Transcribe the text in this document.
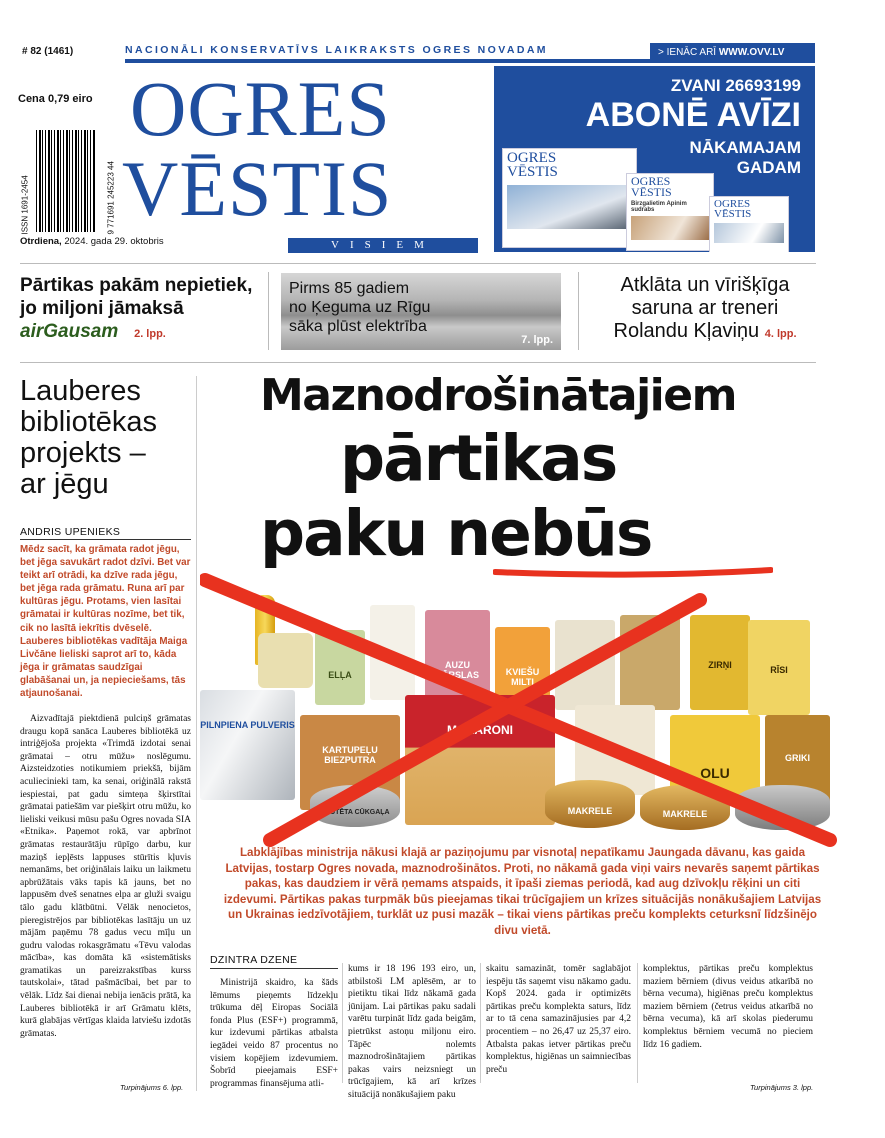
# 82 (1461)	NACIONĀLI KONSERVATĪVS LAIKRAKSTS OGRES NOVADAM	> IENĀC ARĪ WWW.OVV.LV
Cena 0,79 eiro
ISSN 1691-2454	9 771691 245223 44
OGRES
VĒSTIS
VISIEM
Otrdiena, 2024. gada 29. oktobris
ZVANI 26693199
ABONĒ AVĪZI
NĀKAMAJAM
GADAM
OGRES
VĒSTIS
OGRES
VĒSTIS
Birzgalietim Apinim sudrabs	OGRES
VĒSTIS
Pārtikas pakām nepietiek, jo miljoni jāmaksā airGausam 2. lpp.
Pirms 85 gadiem
no Ķeguma uz Rīgu
sāka plūst elektrība
7. lpp.
Atklāta un vīrišķīga
saruna ar treneri
Rolandu Kļaviņu 4. lpp.
Lauberes
bibliotēkas
projekts –
ar jēgu
ANDRIS UPENIEKS
Mēdz sacīt, ka grāmata radot jēgu, bet jēga savukārt radot dzīvi. Bet var teikt arī otrādi, ka dzīve rada jēgu, bet jēga rada grāmatu. Runa arī par kultūras jēgu. Protams, vien lasītai grāmatai ir kultūras nozīme, bet tik, cik no lasītā iekrītis dvēselē. Lauberes bibliotēkas vadītāja Maiga Livčāne lieliski saprot arī to, kāda jēga ir grāmatas saudzīgai glabāšanai un, ja nepieciešams, tās atjaunošanai.
Aizvadītajā piektdienā pulciņš grāmatas draugu kopā sanāca Lauberes bibliotēkā uz intriģējoša projekta «Trimdā izdotai senai grāmatai – otru mūžu» noslēgumu. Aizsteidzoties notikumiem priekšā, bijām aculieciniekі tam, ka senai, oriģinālā rakstā iespiestai, pat gadu simteņa šķirstītai grāmatai patiešām var piešķirt otru mūžu, ko lieliski veikusi mūsu pašu Ogres novada SIA «Etnika». Paņemot rokā, var apbrīnot grāmatas restaurātāju rūpīgo darbu, kur mazіņš iepļēsts lappuses stūrītis kļuvis nemanāms, bet oriģinālais laiku un laikmetu apbrūžātais vāks tapis kā jauns, bet no lappusēm dveš senatnes elpa ar gluži svaigu tālo gadu klātbūtni. Vēlāk nenocietos, pieregіstrējos par bibliotēkas lasītāju un uz mājām paņēmu 78 gadus vecu mīļu un gudru valodas rokasgrāmatu «Tēvu valodas mācība», kas domāta kā «sistemātisks gramatikas un pareizrakstības kurss tautskolai», tātad pašmācībai, bet par to vēlāk. Līdz šai dienai nebija ienācis prātā, ka Lauberes bibliotēkā ir arī Grāmatu klēts, kurā glabājas vērtīgas klaida latviešu izdotās grāmatas.
Turpinājums 6. lpp.
Maznodrošinātajiem
pārtikas
paku nebūs
ELĻA
AUZU PĀRSLAS	KVIEŠU MILTI
ZIRŅI	RĪSI
PILNPIENA PULVERIS
KARTUPEĻU BIEZPUTRA
MAKARONI
OLU
GRIKI
SAUTĒTA CŪKGAĻA	MAKRELE	MAKRELE
Labklājības ministrija nākusi klajā ar paziņojumu par visnotaļ nepatīkamu Jaungada dāvanu, kas gaida Latvijas, tostarp Ogres novada, maznodrošinātos. Proti, no nākamā gada viņi vairs nevarēs saņemt pārtikas pakas, kas daudziem ir vērā ņemams atspaids, it īpaši ziemas periodā, kad aug dzīvokļu rēķini un citi izdevumi. Pārtikas pakas turpmāk būs pieejamas tikai trūcīgajiem un krīzes situācijās nonākušajiem Latvijas un Ukrainas iedzīvotājiem, turklāt uz pusi mazāk – tikai viens pārtikas preču komplekts ceturksnī līdzšinējo divu vietā.
DZINTRA DZENE
Ministrijā skaidro, ka šāds lēmums pieņemts līdzekļu trūkuma dēļ Eiropas Sociālā fonda Plus (ESF+) programmā, kur izdevumi pārtikas atbalsta iegādei veido 87 procentus no visiem kopējiem izdevumiem. Šobrīd pieejamais ESF+ programmas finansējuma atli-
kums ir 18 196 193 eiro, un, atbilstoši LM aplēsēm, ar to pietiktu tikai līdz nākamā gada jūnijam. Lai pārtikas paku sadali varētu turpināt līdz gada beigām, pietrūkst astoņu miljonu eiro. Tāpēc nolemts maznodrošinātajiem pārtikas pakas vairs neizsniegt un trūcīgajiem, kā arī krīzes situācijā nonākušajiem paku
skaitu samazināt, tomēr saglabājot iespēju tās saņemt visu nākamo gadu. Kopš 2024. gada ir optimizēts pārtikas preču komplekta saturs, līdz ar to tā cena samazinājusies par 4,2 procentiem – no 26,47 uz 25,37 eiro. Atbalsta pakas ietver pārtikas preču komplektus, higiēnas un saimniecības preču
komplektus, pārtikas preču komplektus maziem bērniem (divus veidus atkarībā no bērna vecuma), higiēnas preču komplektus maziem bērniem (četrus veidus atkarībā no bērna vecuma), kā arī skolas piederumu komplektus bērniem vecumā no pieciem līdz 16 gadiem.
Turpinājums 3. lpp.
